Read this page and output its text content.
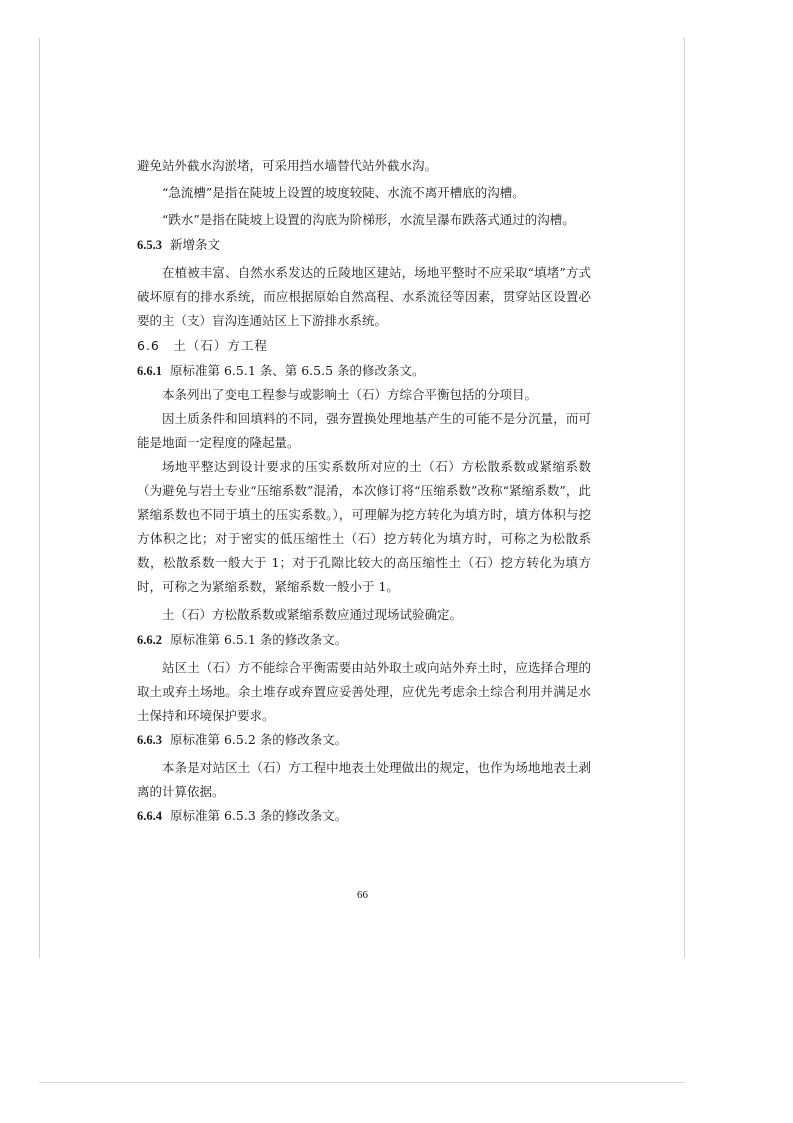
避免站外截水沟淤堵，可采用挡水墙替代站外截水沟。

“急流槽”是指在陡坡上设置的坡度较陡、水流不离开槽底的沟槽。

“跌水”是指在陡坡上设置的沟底为阶梯形，水流呈瀑布跌落式通过的沟槽。

6.5.3 新增条文

在植被丰富、自然水系发达的丘陵地区建站，场地平整时不应采取“填堵”方式破坏原有的排水系统，而应根据原始自然高程、水系流径等因素，贯穿站区设置必要的主（支）盲沟连通站区上下游排水系统。

6.6　土（石）方工程

6.6.1 原标准第 6.5.1 条、第 6.5.5 条的修改条文。

本条列出了变电工程参与或影响土（石）方综合平衡包括的分项目。

因土质条件和回填料的不同，强夯置换处理地基产生的可能不是分沉量，而可能是地面一定程度的隆起量。

场地平整达到设计要求的压实系数所对应的土（石）方松散系数或紧缩系数（为避免与岩土专业“压缩系数”混淆，本次修订将“压缩系数”改称“紧缩系数”，此紧缩系数也不同于填土的压实系数。），可理解为挖方转化为填方时，填方体积与挖方体积之比；对于密实的低压缩性土（石）挖方转化为填方时，可称之为松散系数，松散系数一般大于 1；对于孔隙比较大的高压缩性土（石）挖方转化为填方时，可称之为紧缩系数，紧缩系数一般小于 1。

土（石）方松散系数或紧缩系数应通过现场试验确定。

6.6.2 原标准第 6.5.1 条的修改条文。

站区土（石）方不能综合平衡需要由站外取土或向站外弃土时，应选择合理的取土或弃土场地。余土堆存或弃置应妥善处理，应优先考虑余土综合利用并满足水土保持和环境保护要求。

6.6.3 原标准第 6.5.2 条的修改条文。

本条是对站区土（石）方工程中地表土处理做出的规定，也作为场地地表土剥离的计算依据。

6.6.4 原标准第 6.5.3 条的修改条文。

66
